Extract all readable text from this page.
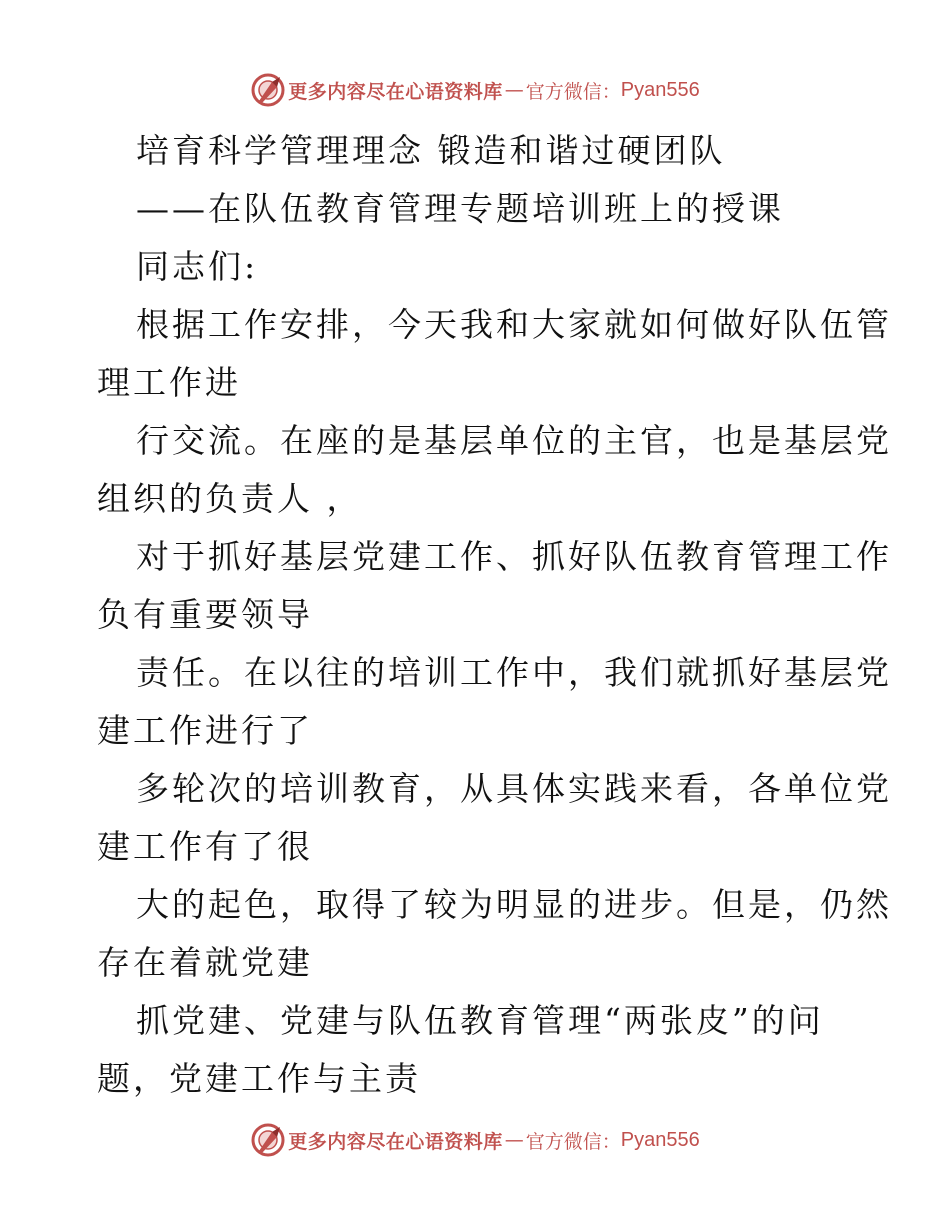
更多内容尽在心语资料库 — 官方微信： Pyan556
培育科学管理理念 锻造和谐过硬团队
——在队伍教育管理专题培训班上的授课
同志们:
根据工作安排，今天我和大家就如何做好队伍管
理工作进
行交流。在座的是基层单位的主官，也是基层党
组织的负责人 ，
对于抓好基层党建工作、抓好队伍教育管理工作
负有重要领导
责任。在以往的培训工作中，我们就抓好基层党
建工作进行了
多轮次的培训教育，从具体实践来看，各单位党
建工作有了很
大的起色，取得了较为明显的进步。但是，仍然
存在着就党建
抓党建、党建与队伍教育管理“两张皮”的问
题，党建工作与主责
更多内容尽在心语资料库 — 官方微信： Pyan556
